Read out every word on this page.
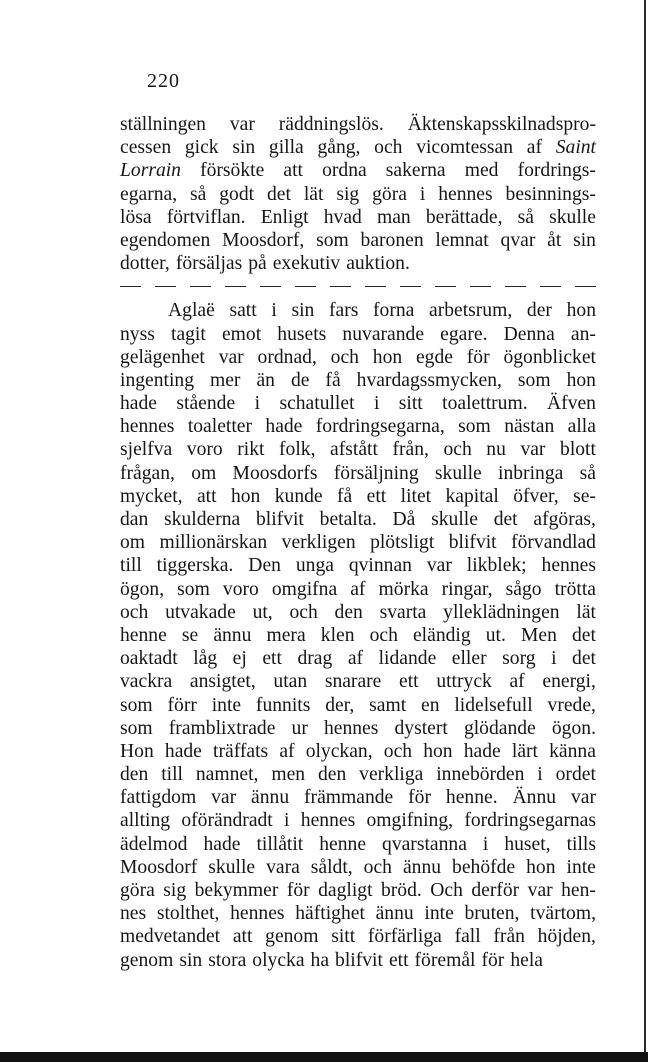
220
ställningen var räddningslös. Äktenskapsskilnadspro-
cessen gick sin gilla gång, och vicomtessan af Saint
Lorrain försökte att ordna sakerna med fordrings-
egarna, så godt det lät sig göra i hennes besinnings-
lösa förtviflan. Enligt hvad man berättade, så skulle
egendomen Moosdorf, som baronen lemnat qvar åt sin
dotter, försäljas på exekutiv auktion.
Aglaë satt i sin fars forna arbetsrum, der hon
nyss tagit emot husets nuvarande egare. Denna an-
gelägenhet var ordnad, och hon egde för ögonblicket
ingenting mer än de få hvardagssmycken, som hon
hade stående i schatullet i sitt toalettrum. Äfven
hennes toaletter hade fordringsegarna, som nästan alla
sjelfva voro rikt folk, afstått från, och nu var blott
frågan, om Moosdorfs försäljning skulle inbringa så
mycket, att hon kunde få ett litet kapital öfver, se-
dan skulderna blifvit betalta. Då skulle det afgöras,
om millionärskan verkligen plötsligt blifvit förvandlad
till tiggerska. Den unga qvinnan var likblek; hennes
ögon, som voro omgifna af mörka ringar, sågo trötta
och utvakade ut, och den svarta ylleklädningen lät
henne se ännu mera klen och eländig ut. Men det
oaktadt låg ej ett drag af lidande eller sorg i det
vackra ansigtet, utan snarare ett uttryck af energi,
som förr inte funnits der, samt en lidelsefull vrede,
som framblixtrade ur hennes dystert glödande ögon.
Hon hade träffats af olyckan, och hon hade lärt känna
den till namnet, men den verkliga innebörden i ordet
fattigdom var ännu främmande för henne. Ännu var
allting oförändradt i hennes omgifning, fordringsegarnas
ädelmod hade tillåtit henne qvarstanna i huset, tills
Moosdorf skulle vara såldt, och ännu behöfde hon inte
göra sig bekymmer för dagligt bröd. Och derför var hen-
nes stolthet, hennes häftighet ännu inte bruten, tvärtom,
medvetandet att genom sitt förfärliga fall från höjden,
genom sin stora olycka ha blifvit ett föremål för hela
